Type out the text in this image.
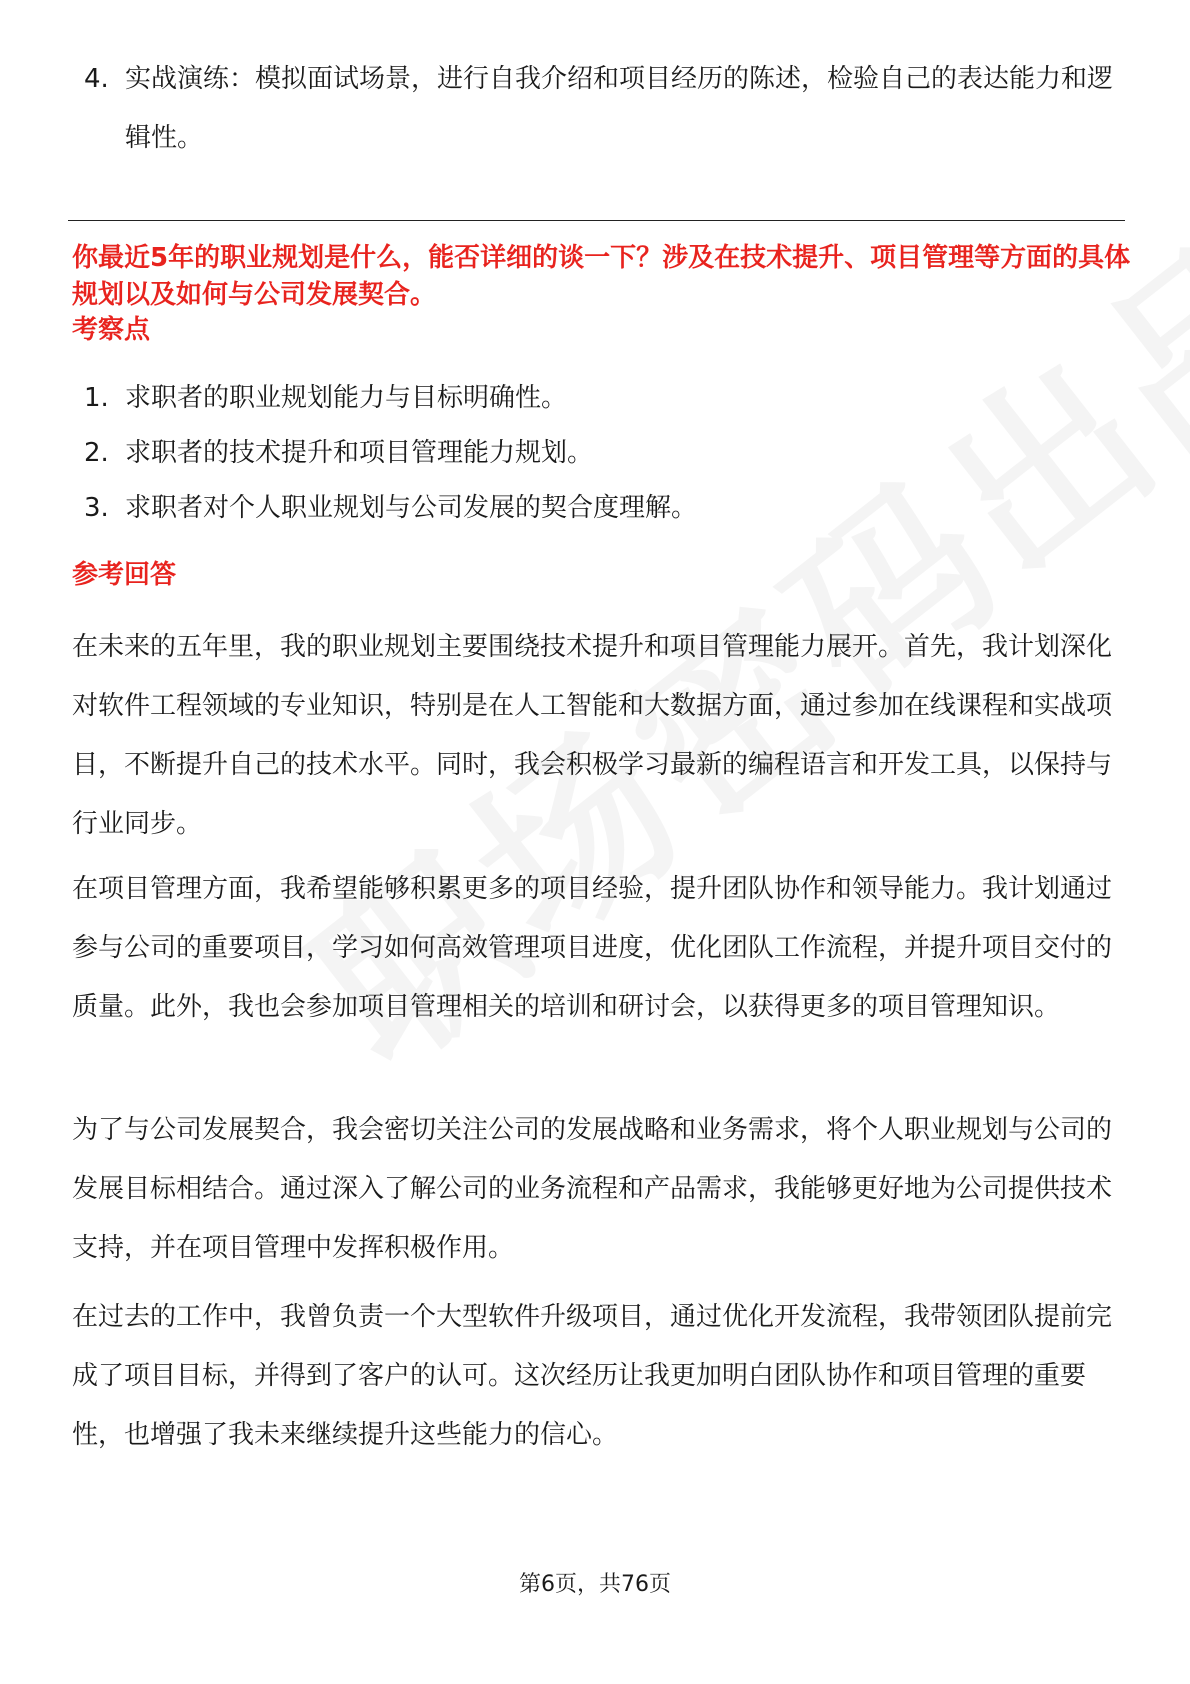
4. 实战演练：模拟面试场景，进行自我介绍和项目经历的陈述，检验自己的表达能力和逻辑性。
你最近5年的职业规划是什么，能否详细的谈一下？涉及在技术提升、项目管理等方面的具体规划以及如何与公司发展契合。
考察点
1. 求职者的职业规划能力与目标明确性。
2. 求职者的技术提升和项目管理能力规划。
3. 求职者对个人职业规划与公司发展的契合度理解。
参考回答
在未来的五年里，我的职业规划主要围绕技术提升和项目管理能力展开。首先，我计划深化对软件工程领域的专业知识，特别是在人工智能和大数据方面，通过参加在线课程和实战项目，不断提升自己的技术水平。同时，我会积极学习最新的编程语言和开发工具，以保持与行业同步。
在项目管理方面，我希望能够积累更多的项目经验，提升团队协作和领导能力。我计划通过参与公司的重要项目，学习如何高效管理项目进度，优化团队工作流程，并提升项目交付的质量。此外，我也会参加项目管理相关的培训和研讨会，以获得更多的项目管理知识。
为了与公司发展契合，我会密切关注公司的发展战略和业务需求，将个人职业规划与公司的发展目标相结合。通过深入了解公司的业务流程和产品需求，我能够更好地为公司提供技术支持，并在项目管理中发挥积极作用。
在过去的工作中，我曾负责一个大型软件升级项目，通过优化开发流程，我带领团队提前完成了项目目标，并得到了客户的认可。这次经历让我更加明白团队协作和项目管理的重要性，也增强了我未来继续提升这些能力的信心。
第6页，共76页
